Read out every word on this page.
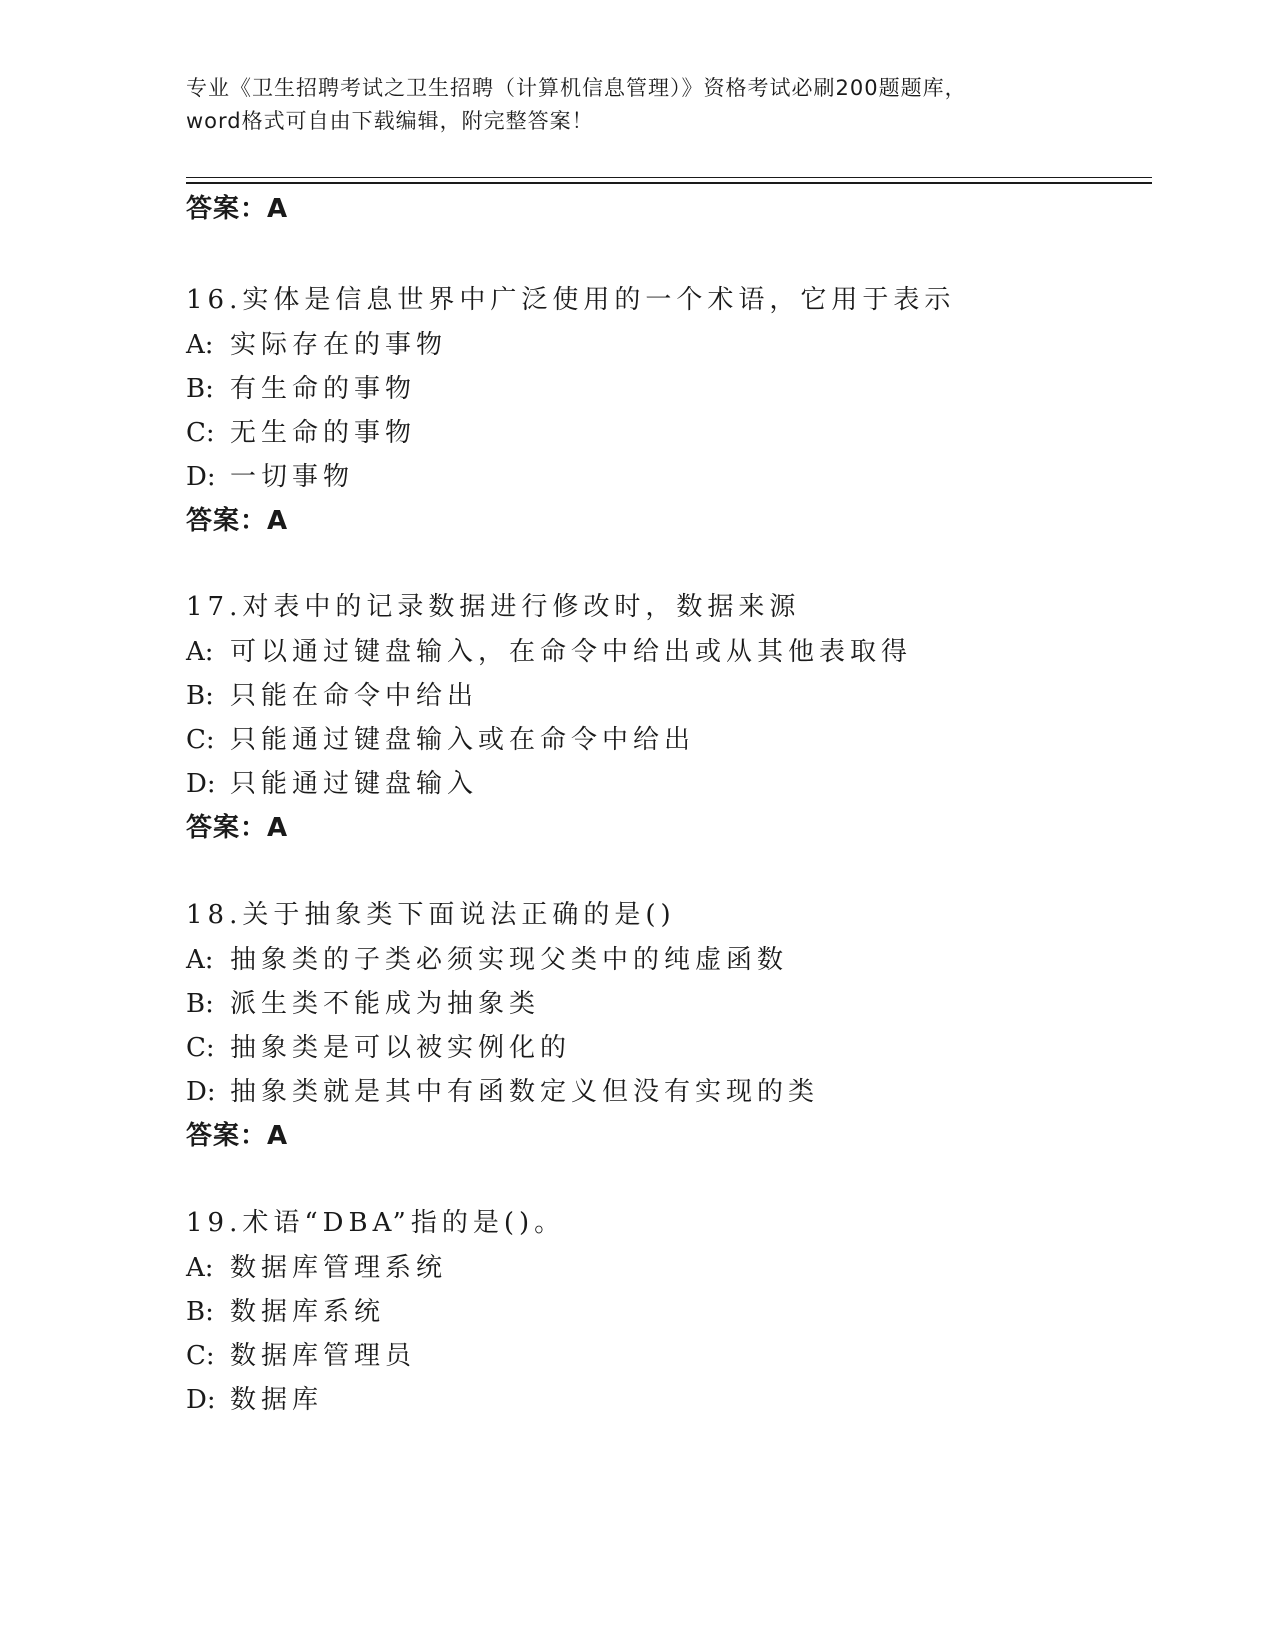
专业《卫生招聘考试之卫生招聘（计算机信息管理）》资格考试必刷200题题库，
word格式可自由下载编辑，附完整答案！
答案：A
16.实体是信息世界中广泛使用的一个术语，它用于表示
A: 实际存在的事物
B: 有生命的事物
C: 无生命的事物
D: 一切事物
答案：A
17.对表中的记录数据进行修改时，数据来源
A: 可以通过键盘输入，在命令中给出或从其他表取得
B: 只能在命令中给出
C: 只能通过键盘输入或在命令中给出
D: 只能通过键盘输入
答案：A
18.关于抽象类下面说法正确的是()
A: 抽象类的子类必须实现父类中的纯虚函数
B: 派生类不能成为抽象类
C: 抽象类是可以被实例化的
D: 抽象类就是其中有函数定义但没有实现的类
答案：A
19.术语“DBA”指的是()。
A: 数据库管理系统
B: 数据库系统
C: 数据库管理员
D: 数据库
